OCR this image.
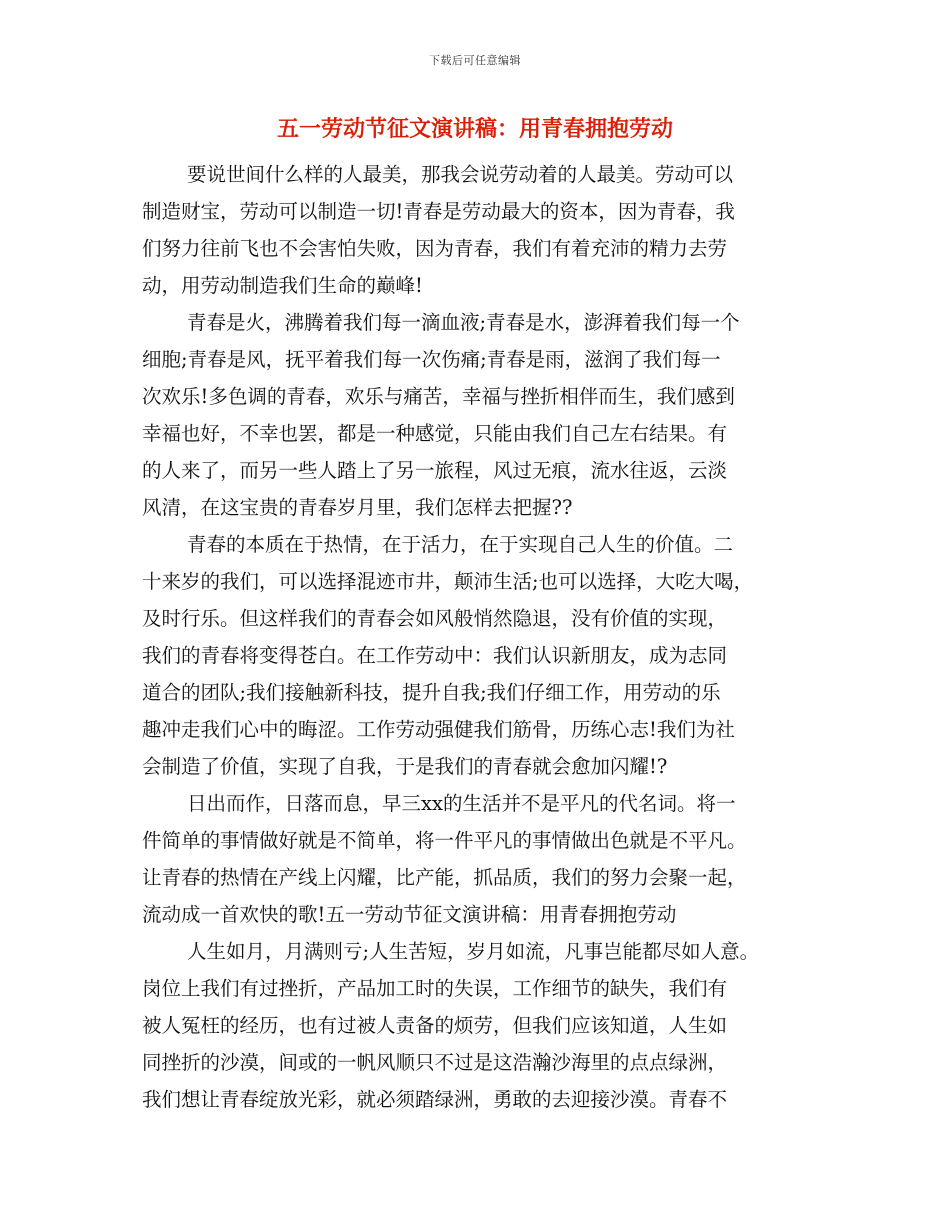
下载后可任意编辑
五一劳动节征文演讲稿：用青春拥抱劳动
要说世间什么样的人最美，那我会说劳动着的人最美。劳动可以
制造财宝，劳动可以制造一切!青春是劳动最大的资本，因为青春，我
们努力往前飞也不会害怕失败，因为青春，我们有着充沛的精力去劳
动，用劳动制造我们生命的巅峰!
青春是火，沸腾着我们每一滴血液;青春是水，澎湃着我们每一个
细胞;青春是风，抚平着我们每一次伤痛;青春是雨，滋润了我们每一
次欢乐!多色调的青春，欢乐与痛苦，幸福与挫折相伴而生，我们感到
幸福也好，不幸也罢，都是一种感觉，只能由我们自己左右结果。有
的人来了，而另一些人踏上了另一旅程，风过无痕，流水往返，云淡
风清，在这宝贵的青春岁月里，我们怎样去把握??
青春的本质在于热情，在于活力，在于实现自己人生的价值。二
十来岁的我们，可以选择混迹市井，颠沛生活;也可以选择，大吃大喝，
及时行乐。但这样我们的青春会如风般悄然隐退，没有价值的实现，
我们的青春将变得苍白。在工作劳动中：我们认识新朋友，成为志同
道合的团队;我们接触新科技，提升自我;我们仔细工作，用劳动的乐
趣冲走我们心中的晦涩。工作劳动强健我们筋骨，历练心志!我们为社
会制造了价值，实现了自我，于是我们的青春就会愈加闪耀!?
日出而作，日落而息，早三xx的生活并不是平凡的代名词。将一
件简单的事情做好就是不简单，将一件平凡的事情做出色就是不平凡。
让青春的热情在产线上闪耀，比产能，抓品质，我们的努力会聚一起，
流动成一首欢快的歌!五一劳动节征文演讲稿：用青春拥抱劳动
人生如月，月满则亏;人生苦短，岁月如流，凡事岂能都尽如人意。
岗位上我们有过挫折，产品加工时的失误，工作细节的缺失，我们有
被人冤枉的经历，也有过被人责备的烦劳，但我们应该知道，人生如
同挫折的沙漠，间或的一帆风顺只不过是这浩瀚沙海里的点点绿洲，
我们想让青春绽放光彩，就必须踏绿洲，勇敢的去迎接沙漠。青春不
